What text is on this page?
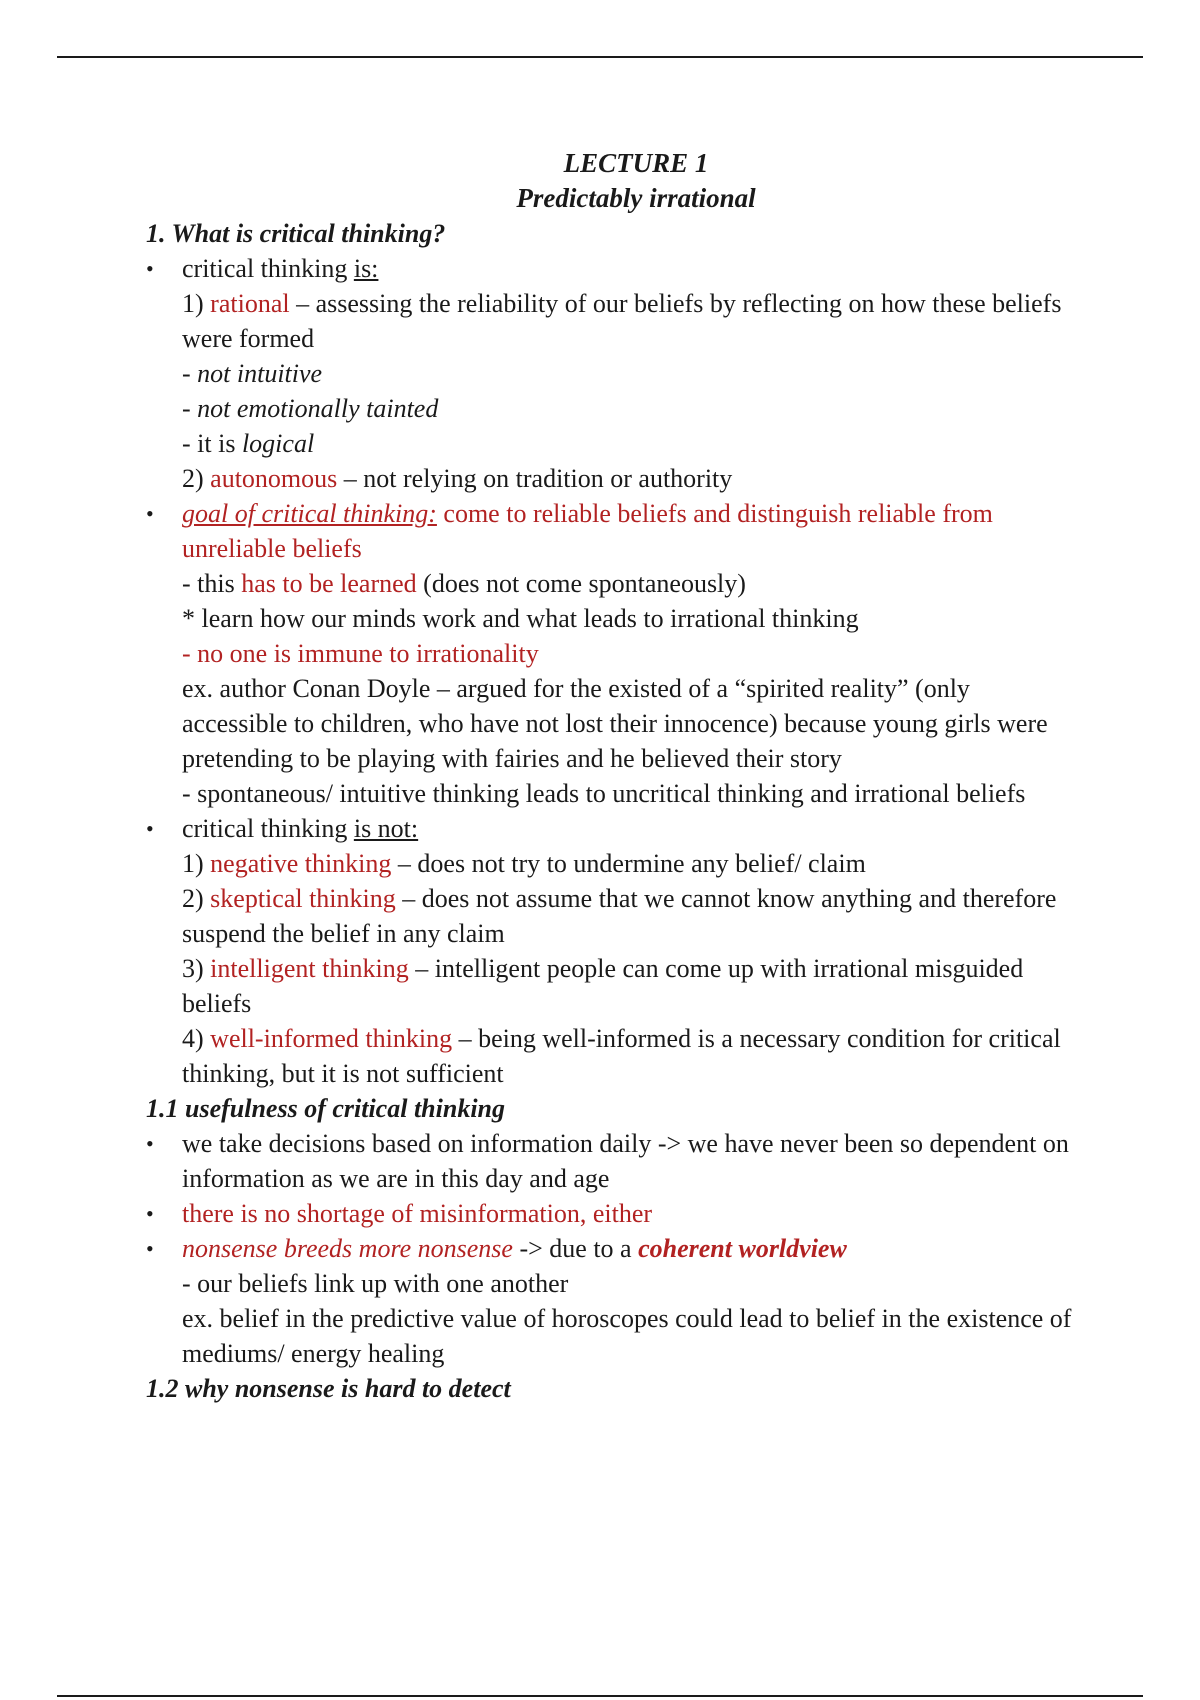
LECTURE 1
Predictably irrational
1. What is critical thinking?
•	critical thinking is:
1) rational – assessing the reliability of our beliefs by reflecting on how these beliefs were formed
- not intuitive
- not emotionally tainted
- it is logical
2) autonomous – not relying on tradition or authority
•	goal of critical thinking: come to reliable beliefs and distinguish reliable from unreliable beliefs
- this has to be learned (does not come spontaneously)
* learn how our minds work and what leads to irrational thinking
- no one is immune to irrationality
ex. author Conan Doyle – argued for the existed of a “spirited reality” (only accessible to children, who have not lost their innocence) because young girls were pretending to be playing with fairies and he believed their story
- spontaneous/ intuitive thinking leads to uncritical thinking and irrational beliefs
•	critical thinking is not:
1) negative thinking – does not try to undermine any belief/ claim
2) skeptical thinking – does not assume that we cannot know anything and therefore suspend the belief in any claim
3) intelligent thinking – intelligent people can come up with irrational misguided beliefs
4) well-informed thinking – being well-informed is a necessary condition for critical thinking, but it is not sufficient
1.1 usefulness of critical thinking
•	we take decisions based on information daily -> we have never been so dependent on information as we are in this day and age
•	there is no shortage of misinformation, either
•	nonsense breeds more nonsense -> due to a coherent worldview
- our beliefs link up with one another
ex. belief in the predictive value of horoscopes could lead to belief in the existence of mediums/ energy healing
1.2 why nonsense is hard to detect
